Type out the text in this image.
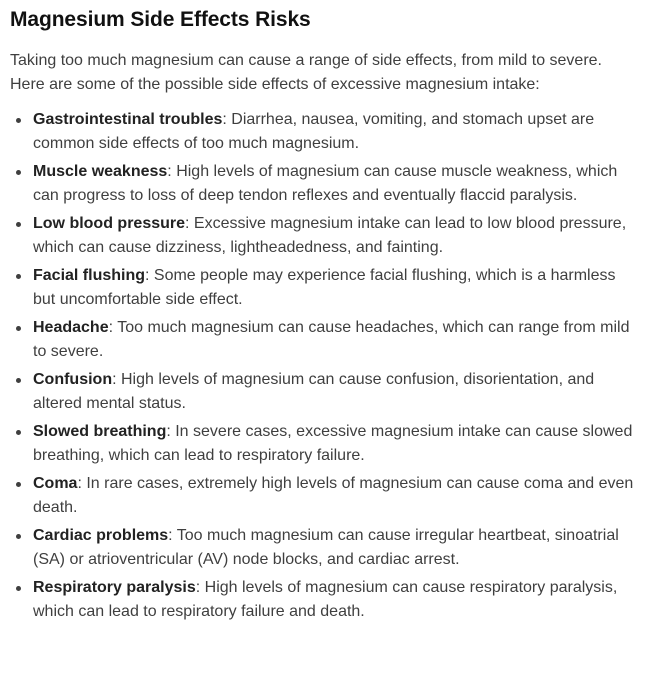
Magnesium Side Effects Risks

Taking too much magnesium can cause a range of side effects, from mild to severe. Here are some of the possible side effects of excessive magnesium intake:

Gastrointestinal troubles: Diarrhea, nausea, vomiting, and stomach upset are common side effects of too much magnesium.
Muscle weakness: High levels of magnesium can cause muscle weakness, which can progress to loss of deep tendon reflexes and eventually flaccid paralysis.
Low blood pressure: Excessive magnesium intake can lead to low blood pressure, which can cause dizziness, lightheadedness, and fainting.
Facial flushing: Some people may experience facial flushing, which is a harmless but uncomfortable side effect.
Headache: Too much magnesium can cause headaches, which can range from mild to severe.
Confusion: High levels of magnesium can cause confusion, disorientation, and altered mental status.
Slowed breathing: In severe cases, excessive magnesium intake can cause slowed breathing, which can lead to respiratory failure.
Coma: In rare cases, extremely high levels of magnesium can cause coma and even death.
Cardiac problems: Too much magnesium can cause irregular heartbeat, sinoatrial (SA) or atrioventricular (AV) node blocks, and cardiac arrest.
Respiratory paralysis: High levels of magnesium can cause respiratory paralysis, which can lead to respiratory failure and death.
